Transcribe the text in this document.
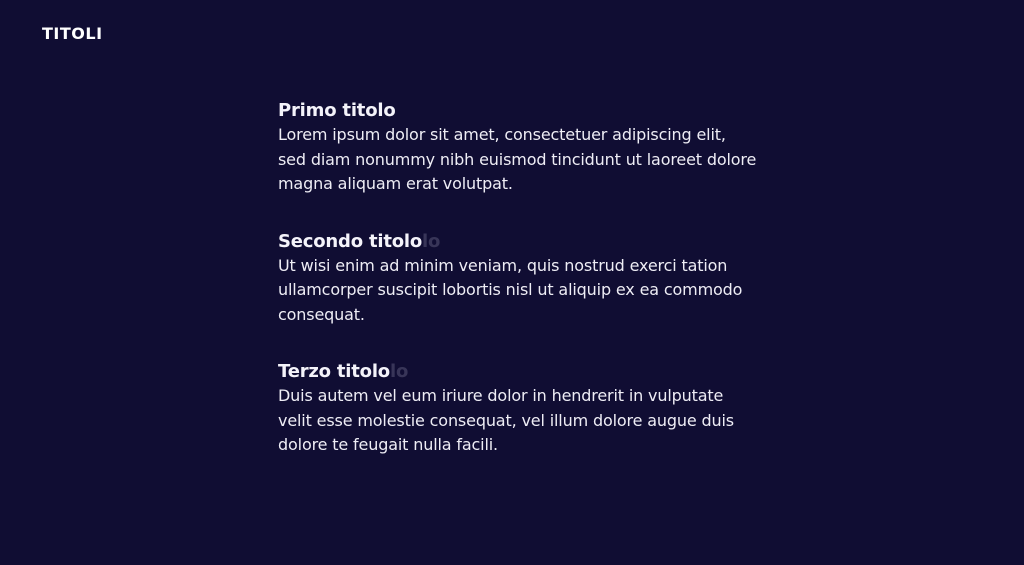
TITOLI
Primo titolo
Lorem ipsum dolor sit amet, consectetuer adipiscing elit, sed diam nonummy nibh euismod tincidunt ut laoreet dolore magna aliquam erat volutpat.
Secondo titololo
Ut wisi enim ad minim veniam, quis nostrud exerci tation ullamcorper suscipit lobortis nisl ut aliquip ex ea commodo consequat.
Terzo titololo
Duis autem vel eum iriure dolor in hendrerit in vulputate velit esse molestie consequat, vel illum dolore augue duis dolore te feugait nulla facili.
